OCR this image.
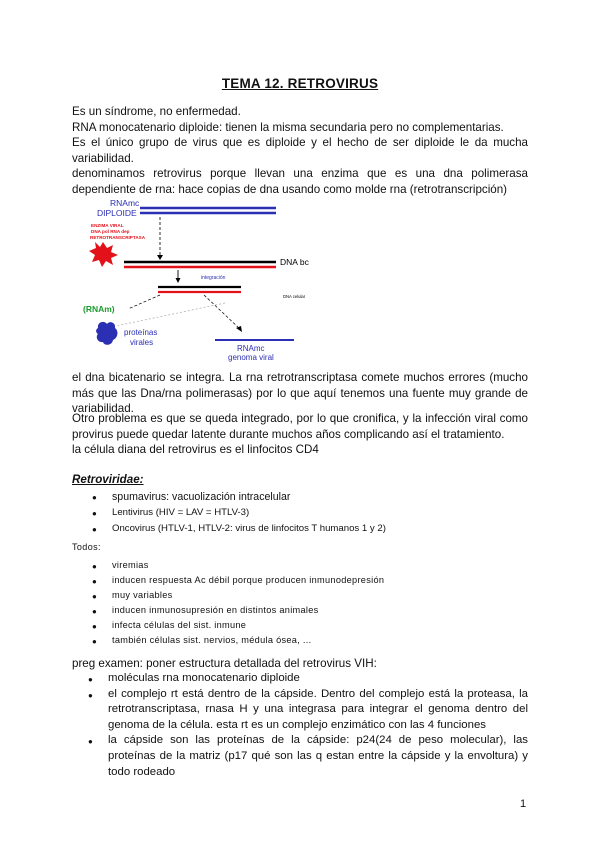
TEMA 12. RETROVIRUS

Es un síndrome, no enfermedad.

RNA monocatenario diploide: tienen la misma secundaria pero no complementarias.

Es el único grupo de virus que es diploide y el hecho de ser diploide le da mucha variabilidad.

denominamos retrovirus porque llevan una enzima que es una dna polimerasa dependiente de rna: hace copias de dna usando como molde rna (retrotranscripción)

RNAmc
DIPLOIDE
ENZIMA VIRAL
DNA pol RNA dep
RETROTRANSCRIPTASA
DNA bc
integración
DNA celular
(RNAm)
proteínas
virales
RNAmc
genoma viral

el dna bicatenario se integra. La rna retrotranscriptasa comete muchos errores (mucho más que las Dna/rna polimerasas) por lo que aquí tenemos una fuente muy grande de variabilidad.

Otro problema es que se queda integrado, por lo que cronifica, y la infección viral como provirus puede quedar latente durante muchos años complicando así el tratamiento.

la célula diana del retrovirus es el linfocitos CD4

Retroviridae:
● spumavirus: vacuolización intracelular
● Lentivirus (HIV = LAV = HTLV-3)
● Oncovirus (HTLV-1, HTLV-2: virus de linfocitos T humanos 1 y 2)
Todos:
● viremias
● inducen respuesta Ac débil porque producen inmunodepresión
● muy variables
● inducen inmunosupresión en distintos animales
● infecta células del sist. inmune
● también células sist. nervios, médula ósea, ...

preg examen: poner estructura detallada del retrovirus VIH:

● moléculas rna monocatenario diploide
● el complejo rt está dentro de la cápside. Dentro del complejo está la proteasa, la retrotranscriptasa, rnasa H y una integrasa para integrar el genoma dentro del genoma de la célula. esta rt es un complejo enzimático con las 4 funciones
● la cápside son las proteínas de la cápside: p24(24 de peso molecular), las proteínas de la matriz (p17 qué son las q estan entre la cápside y la envoltura) y todo rodeado
1
